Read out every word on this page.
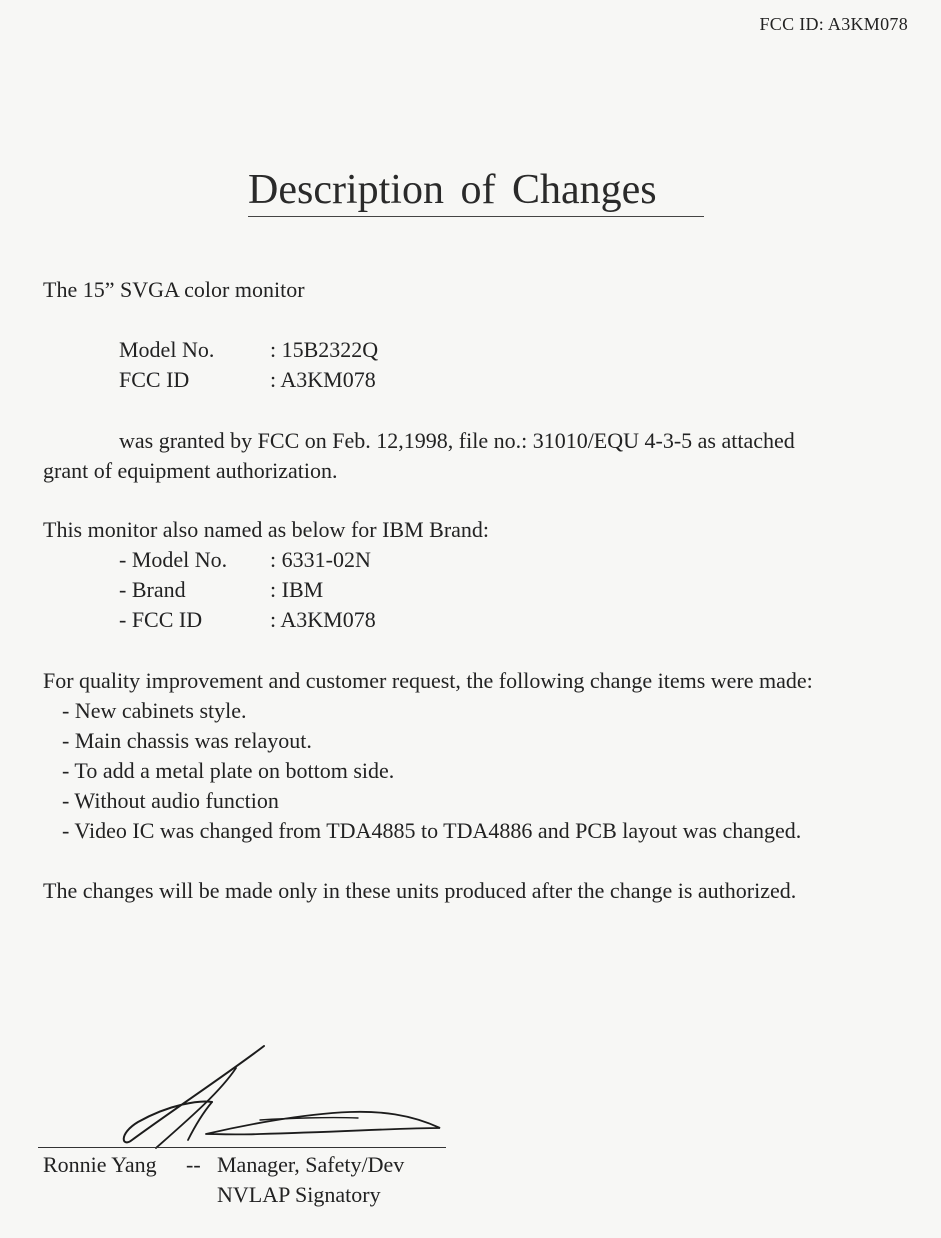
FCC ID: A3KM078
Description of Changes
The 15” SVGA color monitor
Model No.	: 15B2322Q
FCC ID	: A3KM078
was granted by FCC on Feb. 12,1998, file no.: 31010/EQU 4-3-5 as attached
grant of equipment authorization.
This monitor also named as below for IBM Brand:
- Model No. : 6331-02N
- Brand	: IBM
- FCC ID	: A3KM078
For quality improvement and customer request, the following change items were made:
- New cabinets style.
- Main chassis was relayout.
- To add a metal plate on bottom side.
- Without audio function
- Video IC was changed from TDA4885 to TDA4886 and PCB layout was changed.
The changes will be made only in these units produced after the change is authorized.
Ronnie Yang -- Manager, Safety/Dev
NVLAP Signatory
